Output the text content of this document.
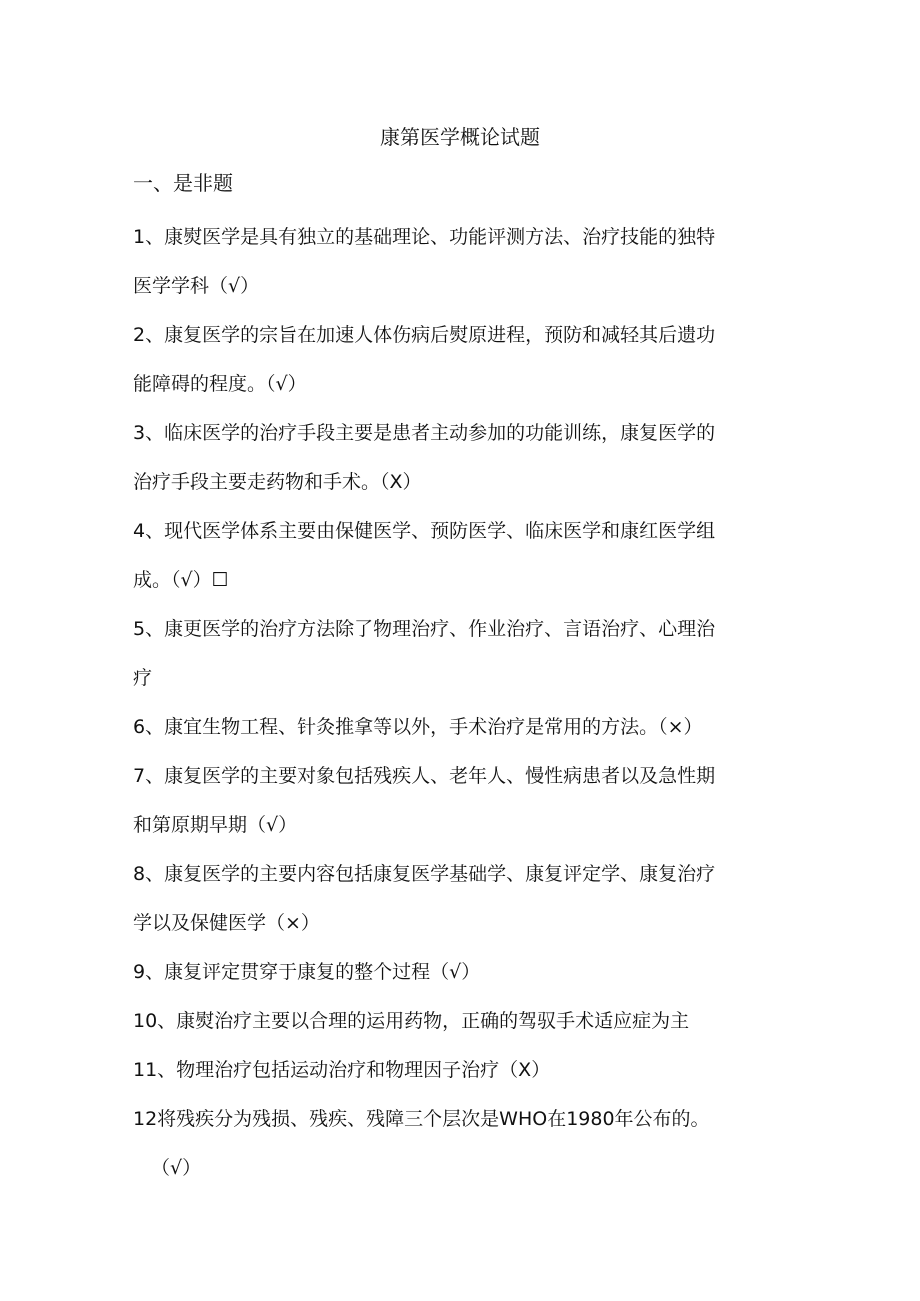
康第医学概论试题
一、是非题
1、康熨医学是具有独立的基础理论、功能评测方法、治疗技能的独特
医学学科（√）
2、康复医学的宗旨在加速人体伤病后熨原进程，预防和减轻其后遗功
能障碍的程度。（√）
3、临床医学的治疗手段主要是患者主动参加的功能训练，康复医学的
治疗手段主要走药物和手术。（X）
4、现代医学体系主要由保健医学、预防医学、临床医学和康红医学组
成。（√）☐
5、康更医学的治疗方法除了物理治疗、作业治疗、言语治疗、心理治
疗
6、康宜生物工程、针灸推拿等以外，手术治疗是常用的方法。（×）
7、康复医学的主要对象包括残疾人、老年人、慢性病患者以及急性期
和第原期早期（√）
8、康复医学的主要内容包括康复医学基础学、康复评定学、康复治疗
学以及保健医学（×）
9、康复评定贯穿于康复的整个过程（√）
10、康熨治疗主要以合理的运用药物，正确的驾驭手术适应症为主
11、物理治疗包括运动治疗和物理因子治疗（X）
12将残疾分为残损、残疾、残障三个层次是WHO在1980年公布的。
（√）
